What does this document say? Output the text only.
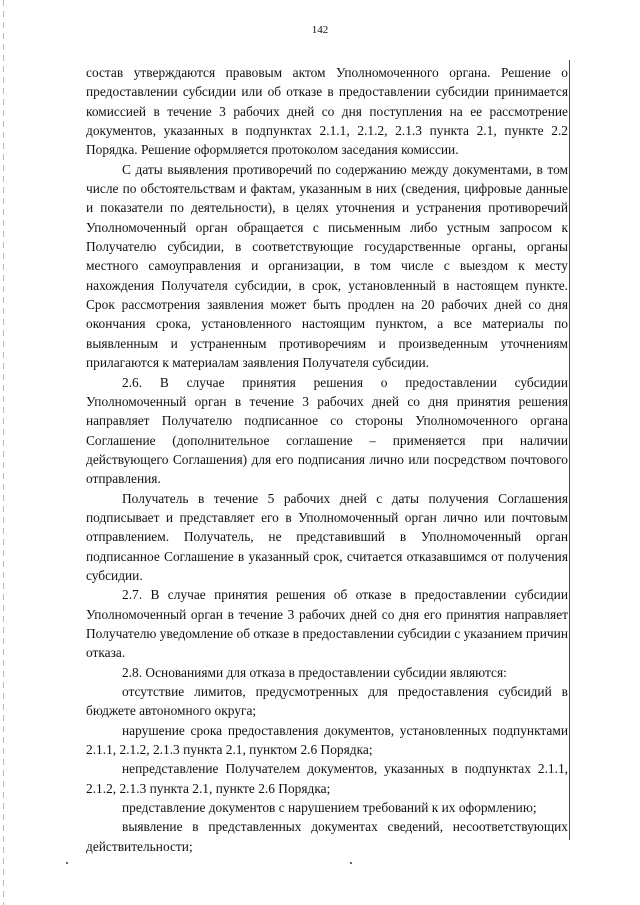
142

состав утверждаются правовым актом Уполномоченного органа. Решение о предоставлении субсидии или об отказе в предоставлении субсидии принимается комиссией в течение 3 рабочих дней со дня поступления на ее рассмотрение документов, указанных в подпунктах 2.1.1, 2.1.2, 2.1.3 пункта 2.1, пункте 2.2 Порядка. Решение оформляется протоколом заседания комиссии.

С даты выявления противоречий по содержанию между документами, в том числе по обстоятельствам и фактам, указанным в них (сведения, цифровые данные и показатели по деятельности), в целях уточнения и устранения противоречий Уполномоченный орган обращается с письменным либо устным запросом к Получателю субсидии, в соответствующие государственные органы, органы местного самоуправления и организации, в том числе с выездом к месту нахождения Получателя субсидии, в срок, установленный в настоящем пункте. Срок рассмотрения заявления может быть продлен на 20 рабочих дней со дня окончания срока, установленного настоящим пунктом, а все материалы по выявленным и устраненным противоречиям и произведенным уточнениям прилагаются к материалам заявления Получателя субсидии.

2.6. В случае принятия решения о предоставлении субсидии Уполномоченный орган в течение 3 рабочих дней со дня принятия решения направляет Получателю подписанное со стороны Уполномоченного органа Соглашение (дополнительное соглашение – применяется при наличии действующего Соглашения) для его подписания лично или посредством почтового отправления.

Получатель в течение 5 рабочих дней с даты получения Соглашения подписывает и представляет его в Уполномоченный орган лично или почтовым отправлением. Получатель, не представивший в Уполномоченный орган подписанное Соглашение в указанный срок, считается отказавшимся от получения субсидии.

2.7. В случае принятия решения об отказе в предоставлении субсидии Уполномоченный орган в течение 3 рабочих дней со дня его принятия направляет Получателю уведомление об отказе в предоставлении субсидии с указанием причин отказа.

2.8. Основаниями для отказа в предоставлении субсидии являются:

отсутствие лимитов, предусмотренных для предоставления субсидий в бюджете автономного округа;

нарушение срока предоставления документов, установленных подпунктами 2.1.1, 2.1.2, 2.1.3 пункта 2.1, пунктом 2.6 Порядка;

непредставление Получателем документов, указанных в подпунктах 2.1.1, 2.1.2, 2.1.3 пункта 2.1, пункте 2.6 Порядка;

представление документов с нарушением требований к их оформлению;

выявление в представленных документах сведений, несоответствующих действительности;
